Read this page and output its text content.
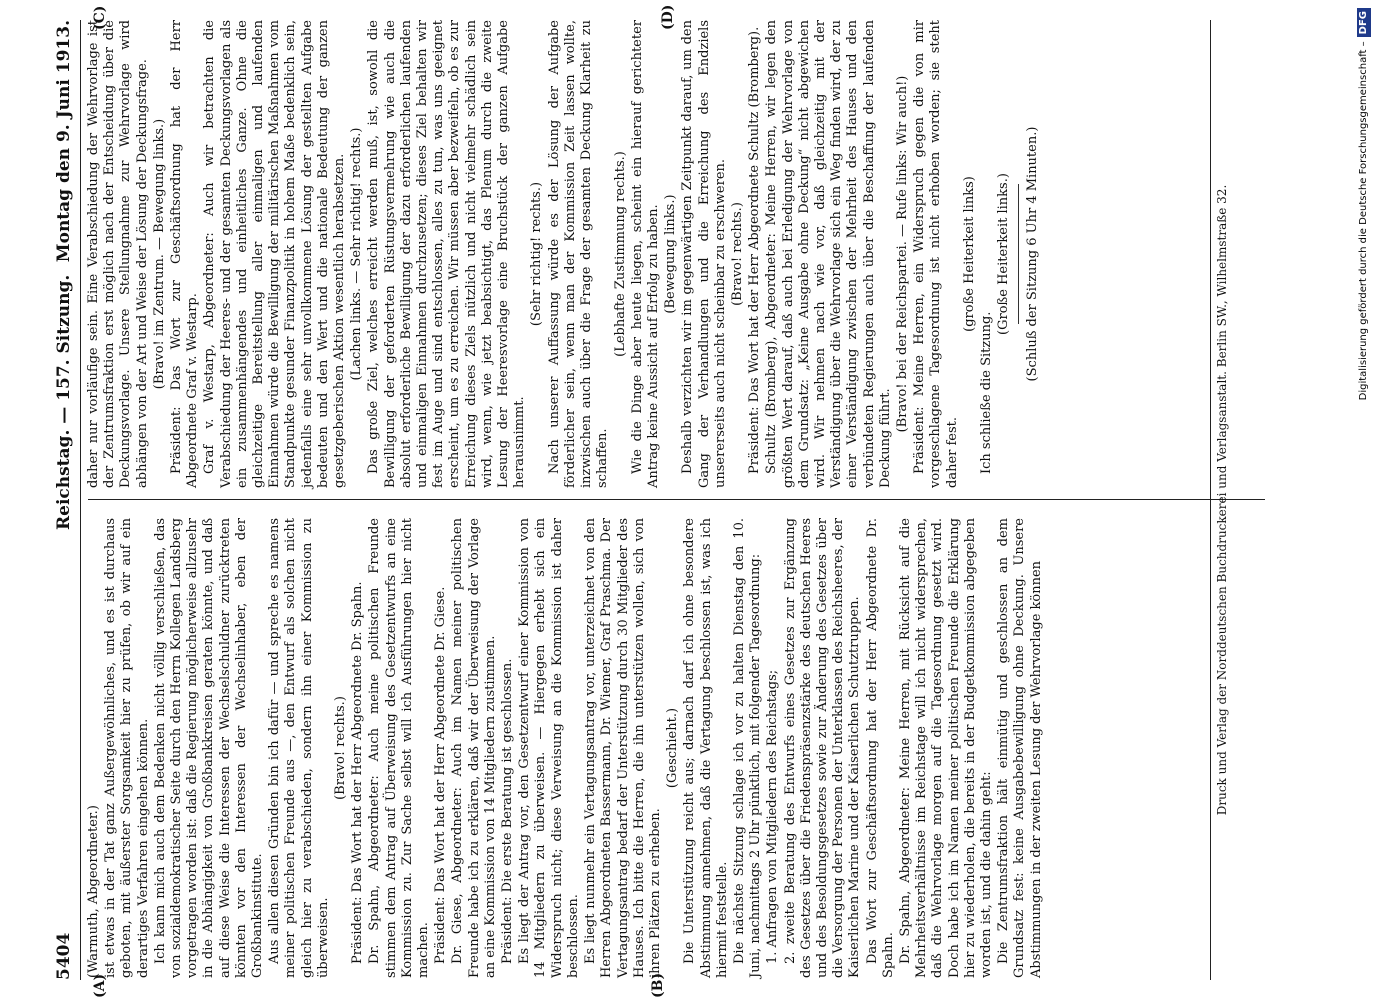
5404
Reichstag. — 157. Sitzung.
Montag den 9. Juni 1913.
(A)	(B)
(C)	(D)

(Warmuth, Abgeordneter.) ist etwas in der Tat ganz Außergewöhnliches, und es ist durchaus geboten, mit äußerster Sorgsamkeit hier zu prüfen, ob wir auf ein derartiges Verfahren eingehen können. Ich kann mich auch dem Bedenken nicht völlig verschließen, das von sozialdemokratischer Seite durch den Herrn Kollegen Landsberg vorgetragen worden ist: daß die Regierung möglicherweise allzusehr in die Abhängigkeit von Großbankkreisen geraten könnte, und daß auf diese Weise die Interessen der Wechselschuldner zurücktreten könnten vor den Interessen der Wechselinhaber, eben der Großbankinstitute. Aus allen diesen Gründen bin ich dafür — und spreche es namens meiner politischen Freunde aus —, den Entwurf als solchen nicht gleich hier zu verabschieden, sondern ihn einer Kommission zu überweisen.

(Bravo! rechts.) Präsident: Das Wort hat der Herr Abgeordnete Dr. Spahn. Dr. Spahn, Abgeordneter: Auch meine politischen Freunde stimmen dem Antrag auf Überweisung des Gesetzentwurfs an eine Kommission zu. Zur Sache selbst will ich Ausführungen hier nicht machen. Präsident: Das Wort hat der Herr Abgeordnete Dr. Giese. Dr. Giese, Abgeordneter: Auch im Namen meiner politischen Freunde habe ich zu erklären, daß wir der Überweisung der Vorlage an eine Kommission von 14 Mitgliedern zustimmen. Präsident: Die erste Beratung ist geschlossen. Es liegt der Antrag vor, den Gesetzentwurf einer Kommission von 14 Mitgliedern zu überweisen. — Hiergegen erhebt sich ein Widerspruch nicht; diese Verweisung an die Kommission ist daher beschlossen. Es liegt nunmehr ein Vertagungsantrag vor, unterzeichnet von den Herren Abgeordneten Bassermann, Dr. Wiemer, Graf Praschma. Der Vertagungsantrag bedarf der Unterstützung durch 30 Mitglieder des Hauses. Ich bitte die Herren, die ihn unterstützen wollen, sich von ihren Plätzen zu erheben.

(Geschieht.) Die Unterstützung reicht aus; darnach darf ich ohne besondere Abstimmung annehmen, daß die Vertagung beschlossen ist, was ich hiermit feststelle. Die nächste Sitzung schlage ich vor zu halten Dienstag den 10. Juni, nachmittags 2 Uhr pünktlich, mit folgender Tagesordnung: 1. Anfragen von Mitgliedern des Reichstags; 2. zweite Beratung des Entwurfs eines Gesetzes zur Ergänzung des Gesetzes über die Friedenspräsenzstärke des deutschen Heeres und des Besoldungsgesetzes sowie zur Änderung des Gesetzes über die Versorgung der Personen der Unterklassen des Reichsheeres, der Kaiserlichen Marine und der Kaiserlichen Schutztruppen. Das Wort zur Geschäftsordnung hat der Herr Abgeordnete Dr. Spahn. Dr. Spahn, Abgeordneter: Meine Herren, mit Rücksicht auf die Mehrheitsverhältnisse im Reichstage will ich nicht widersprechen, daß die Wehrvorlage morgen auf die Tagesordnung gesetzt wird. Doch habe ich im Namen meiner politischen Freunde die Erklärung hier zu wiederholen, die bereits in der Budgetkommission abgegeben worden ist, und die dahin geht: Die Zentrumsfraktion hält einmütig und geschlossen an dem Grundsatz fest: keine Ausgabebewilligung ohne Deckung. Unsere Abstimmungen in der zweiten Lesung der Wehrvorlage können

daher nur vorläufige sein. Eine Verabschiedung der Wehrvorlage ist der Zentrumsfraktion erst möglich nach der Entscheidung über die Deckungsvorlage. Unsere Stellungnahme zur Wehrvorlage wird abhängen von der Art und Weise der Lösung der Deckungsfrage. (Bravo! im Zentrum. — Bewegung links.) Präsident: Das Wort zur Geschäftsordnung hat der Herr Abgeordnete Graf v. Westarp. Graf v. Westarp, Abgeordneter: Auch wir betrachten die Verabschiedung der Heeres- und der gesamten Deckungsvorlagen als ein zusammenhängendes und einheitliches Ganze. Ohne die gleichzeitige Bereitstellung aller einmaligen und laufenden Einnahmen würde die Bewilligung der militärischen Maßnahmen vom Standpunkte gesunder Finanzpolitik in hohem Maße bedenklich sein, jedenfalls eine sehr unvollkommene Lösung der gestellten Aufgabe bedeuten und den Wert und die nationale Bedeutung der ganzen gesetzgeberischen Aktion wesentlich herabsetzen. (Lachen links. — Sehr richtig! rechts.) Das große Ziel, welches erreicht werden muß, ist, sowohl die Bewilligung der geforderten Rüstungsvermehrung wie auch die absolut erforderliche Bewilligung der dazu erforderlichen laufenden und einmaligen Einnahmen durchzusetzen; dieses Ziel behalten wir fest im Auge und sind entschlossen, alles zu tun, was uns geeignet erscheint, um es zu erreichen. Wir müssen aber bezweifeln, ob es zur Erreichung dieses Ziels nützlich und nicht vielmehr schädlich sein wird, wenn, wie jetzt beabsichtigt, das Plenum durch die zweite Lesung der Heeresvorlage eine Bruchstück der ganzen Aufgabe herausnimmt.

(Sehr richtig! rechts.) Nach unserer Auffassung würde es der Lösung der Aufgabe förderlicher sein, wenn man der Kommission Zeit lassen wollte, inzwischen auch über die Frage der gesamten Deckung Klarheit zu schaffen.

(Lebhafte Zustimmung rechts.) Wie die Dinge aber heute liegen, scheint ein hierauf gerichteter Antrag keine Aussicht auf Erfolg zu haben. (Bewegung links.) Deshalb verzichten wir im gegenwärtigen Zeitpunkt darauf, um den Gang der Verhandlungen und die Erreichung des Endziels unsererseits auch nicht scheinbar zu erschweren. (Bravo! rechts.) Präsident: Das Wort hat der Herr Abgeordnete Schultz (Bromberg). Schultz (Bromberg), Abgeordneter: Meine Herren, wir legen den größten Wert darauf, daß auch bei Erledigung der Wehrvorlage von dem Grundsatz: „Keine Ausgabe ohne Deckung“ nicht abgewichen wird. Wir nehmen nach wie vor, daß gleichzeitig mit der Verständigung über die Wehrvorlage sich ein Weg finden wird, der zu einer Verständigung zwischen der Mehrheit des Hauses und den verbündeten Regierungen auch über die Beschaffung der laufenden Deckung führt.

(Bravo! bei der Reichspartei. — Rufe links: Wir auch!) Präsident: Meine Herren, ein Widerspruch gegen die von mir vorgeschlagene Tagesordnung ist nicht erhoben worden; sie steht daher fest.

(große Heiterkeit links)

Ich schließe die Sitzung.

(Große Heiterkeit links.) (Schluß der Sitzung 6 Uhr 4 Minuten.)	Druck und Verlag der Norddeutschen Buchdruckerei und Verlagsanstalt. Berlin SW., Wilhelmstraße 32.	Digitalisierung gefördert durch die Deutsche Forschungsgemeinschaft –DFG
